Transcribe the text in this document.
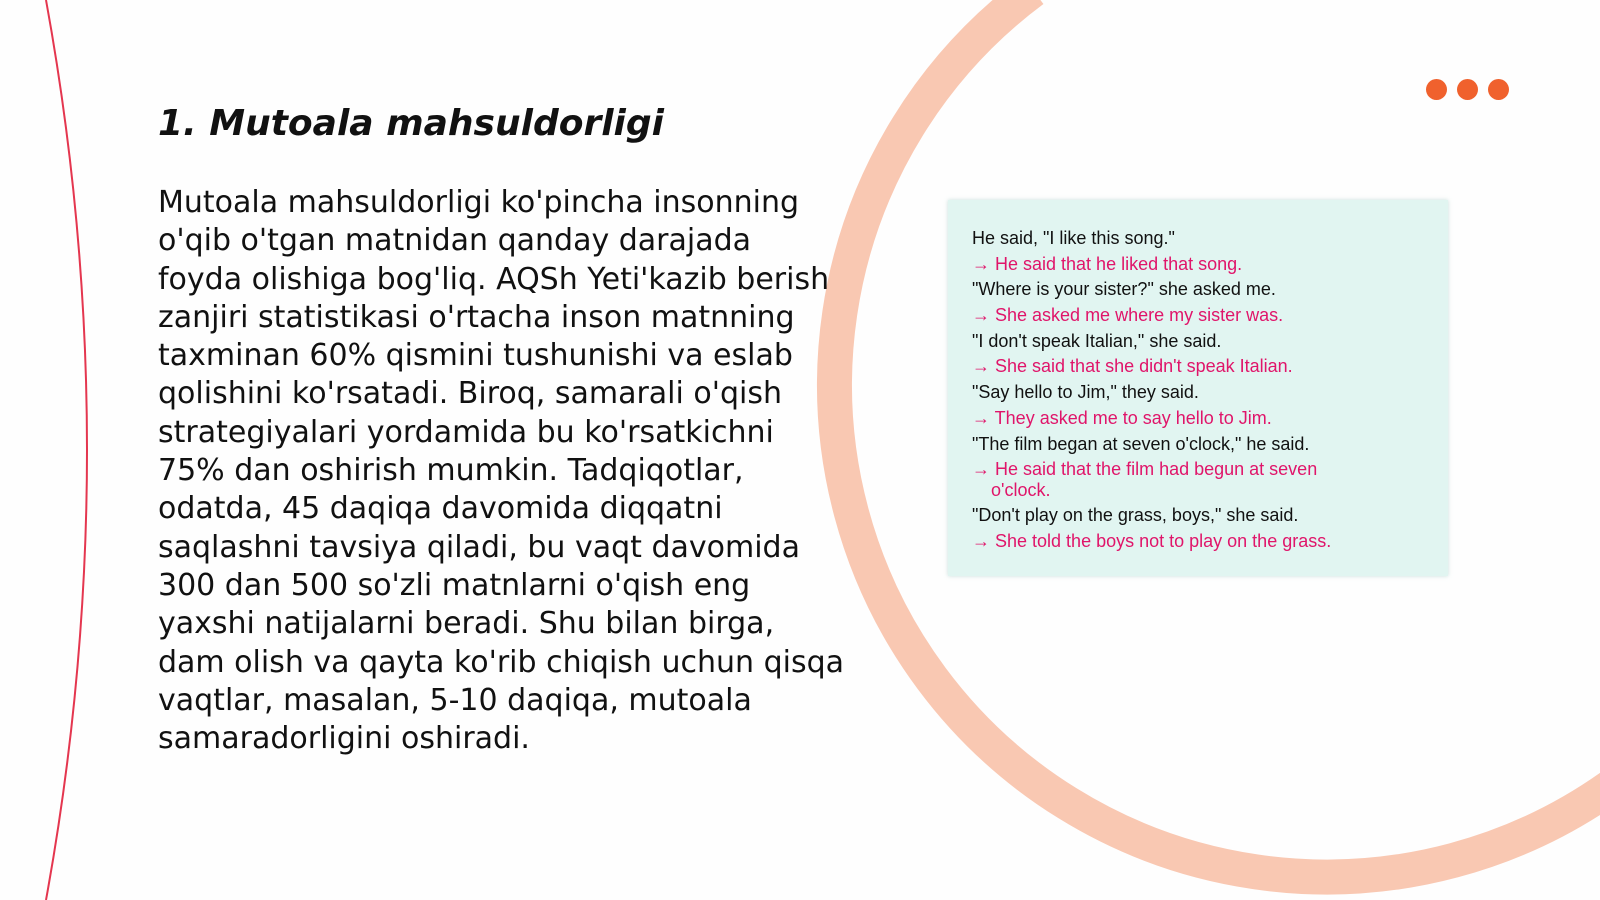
1. Mutoala mahsuldorligi

Mutoala mahsuldorligi ko'pincha insonning
o'qib o'tgan matnidan qanday darajada
foyda olishiga bog'liq. AQSh Yeti'kazib berish
zanjiri statistikasi o'rtacha inson matnning
taxminan 60% qismini tushunishi va eslab
qolishini ko'rsatadi. Biroq, samarali o'qish
strategiyalari yordamida bu ko'rsatkichni
75% dan oshirish mumkin. Tadqiqotlar,
odatda, 45 daqiqa davomida diqqatni
saqlashni tavsiya qiladi, bu vaqt davomida
300 dan 500 so'zli matnlarni o'qish eng
yaxshi natijalarni beradi. Shu bilan birga,
dam olish va qayta ko'rib chiqish uchun qisqa
vaqtlar, masalan, 5-10 daqiqa, mutoala
samaradorligini oshiradi.

He said, "I like this song."
→ He said that he liked that song.
"Where is your sister?" she asked me.
→ She asked me where my sister was.
"I don't speak Italian," she said.
→ She said that she didn't speak Italian.
"Say hello to Jim," they said.
→ They asked me to say hello to Jim.
"The film began at seven o'clock," he said.
→ He said that the film had begun at seven
o'clock.
"Don't play on the grass, boys," she said.
→ She told the boys not to play on the grass.
